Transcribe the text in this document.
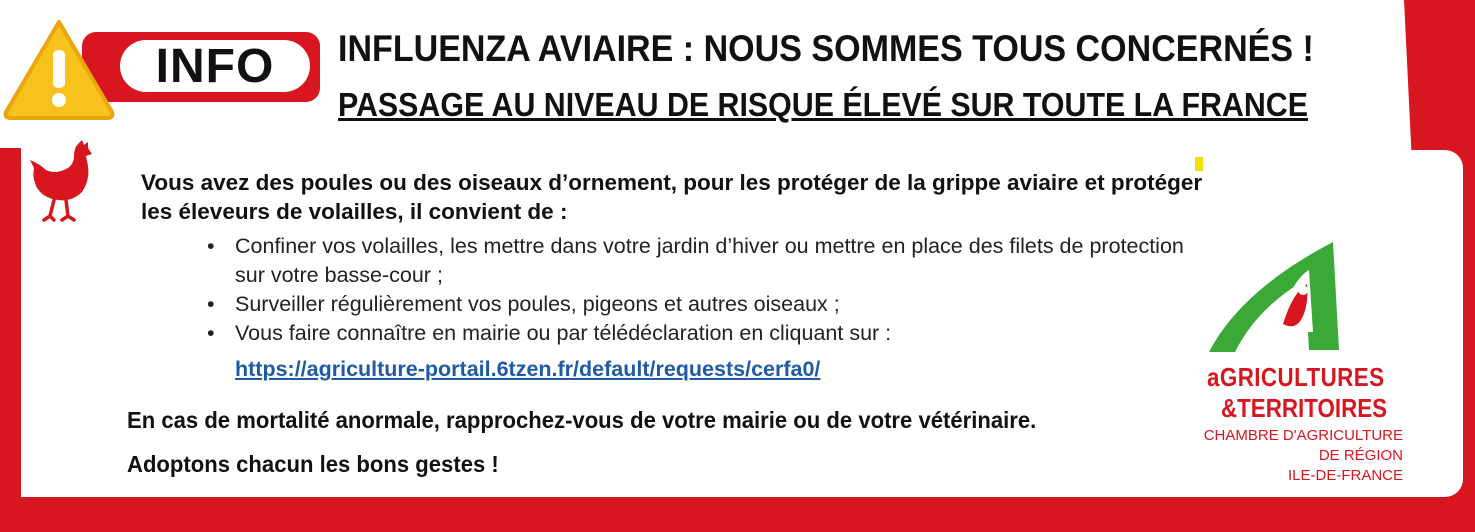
INFO	INFLUENZA AVIAIRE : NOUS SOMMES TOUS CONCERNÉS !
PASSAGE AU NIVEAU DE RISQUE ÉLEVÉ SUR TOUTE LA FRANCE
Vous avez des poules ou des oiseaux d’ornement, pour les protéger de la grippe aviaire et protéger
les éleveurs de volailles, il convient de :
• Confiner vos volailles, les mettre dans votre jardin d’hiver ou mettre en place des filets de protection
sur votre basse-cour ;
• Surveiller régulièrement vos poules, pigeons et autres oiseaux ;
• Vous faire connaître en mairie ou par télédéclaration en cliquant sur :
https://agriculture-portail.6tzen.fr/default/requests/cerfa0/
En cas de mortalité anormale, rapprochez-vous de votre mairie ou de votre vétérinaire.
Adoptons chacun les bons gestes !
aGRICULTURES
&TERRITOIRES
CHAMBRE D'AGRICULTURE
DE RÉGION
ILE-DE-FRANCE
